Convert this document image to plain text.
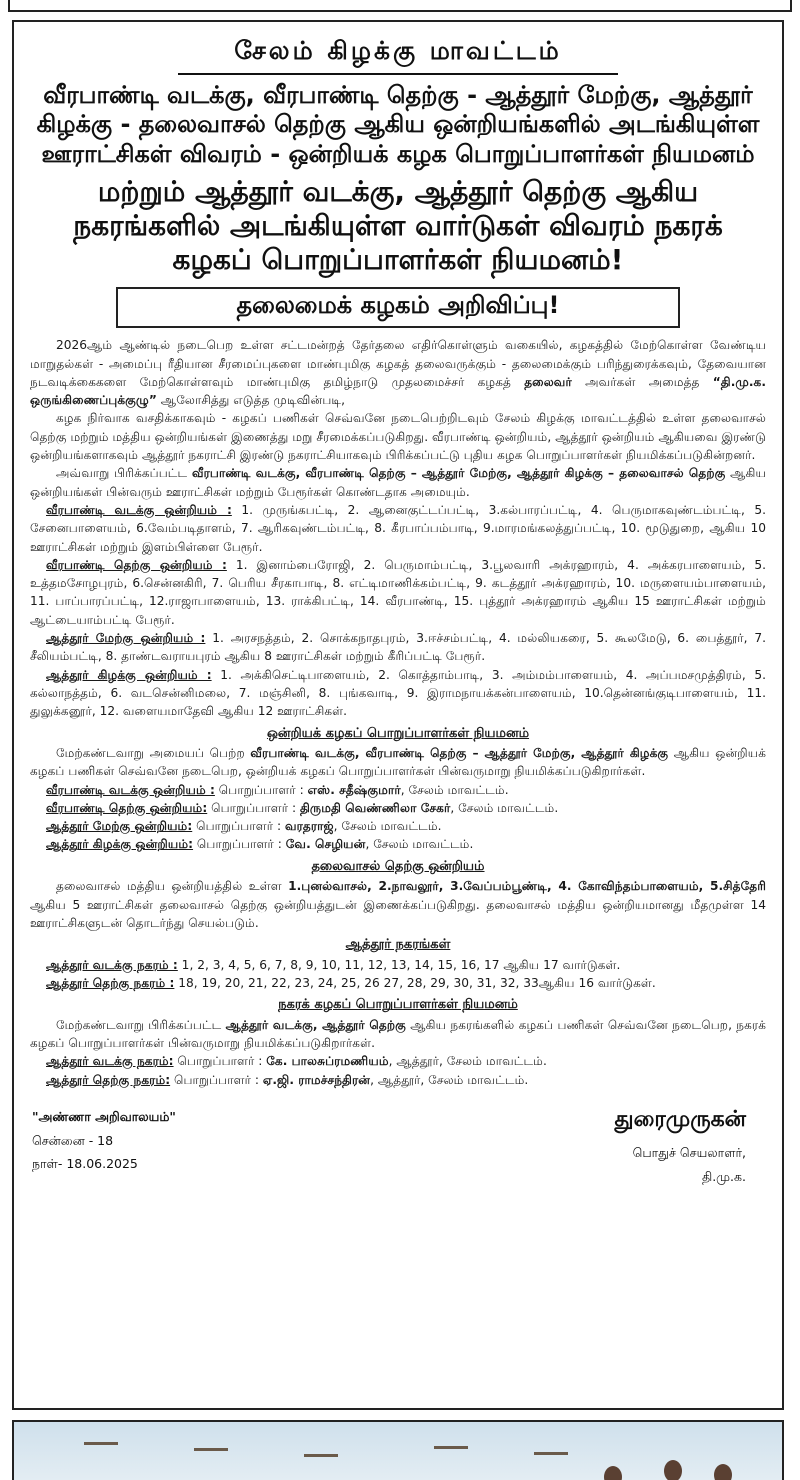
சேலம் கிழக்கு மாவட்டம்
வீரபாண்டி வடக்கு, வீரபாண்டி தெற்கு - ஆத்தூர் மேற்கு, ஆத்தூர் கிழக்கு - தலைவாசல் தெற்கு ஆகிய ஒன்றியங்களில் அடங்கியுள்ள ஊராட்சிகள் விவரம் - ஒன்றியக் கழக பொறுப்பாளர்கள் நியமனம்
மற்றும் ஆத்தூர் வடக்கு, ஆத்தூர் தெற்கு ஆகிய நகரங்களில் அடங்கியுள்ள வார்டுகள் விவரம் நகரக் கழகப் பொறுப்பாளர்கள் நியமனம்!
தலைமைக் கழகம் அறிவிப்பு!

2026ஆம் ஆண்டில் நடைபெற உள்ள சட்டமன்றத் தேர்தலை எதிர்கொள்ளும் வகையில், கழகத்தில் மேற்கொள்ள வேண்டிய மாறுதல்கள் - அமைப்பு ரீதியான சீரமைப்புகளை மாண்புமிகு கழகத் தலைவருக்கும் - தலைமைக்கும் பரிந்துரைக்கவும், தேவையான நடவடிக்கைகளை மேற்கொள்ளவும் மாண்புமிகு தமிழ்நாடு முதலமைச்சர் கழகத் தலைவர் அவர்கள் அமைத்த “தி.மு.க. ஒருங்கிணைப்புக்குழு” ஆலோசித்து எடுத்த முடிவின்படி,

கழக நிர்வாக வசதிக்காகவும் - கழகப் பணிகள் செவ்வனே நடைபெற்றிடவும் சேலம் கிழக்கு மாவட்டத்தில் உள்ள தலைவாசல் தெற்கு மற்றும் மத்திய ஒன்றியங்கள் இணைத்து மறு சீரமைக்கப்படுகிறது. வீரபாண்டி ஒன்றியம், ஆத்தூர் ஒன்றியம் ஆகியவை இரண்டு ஒன்றியங்களாகவும் ஆத்தூர் நகராட்சி இரண்டு நகராட்சியாகவும் பிரிக்கப்பட்டு புதிய கழக பொறுப்பாளர்கள் நியமிக்கப்படுகின்றனர்.

அவ்வாறு பிரிக்கப்பட்ட வீரபாண்டி வடக்கு, வீரபாண்டி தெற்கு – ஆத்தூர் மேற்கு, ஆத்தூர் கிழக்கு – தலைவாசல் தெற்கு ஆகிய ஒன்றியங்கள் பின்வரும் ஊராட்சிகள் மற்றும் பேரூர்கள் கொண்டதாக அமையும்.

வீரபாண்டி வடக்கு ஒன்றியம் : 1. முருங்கபட்டி, 2. ஆனைகுட்டப்பட்டி, 3.கல்பாரப்பட்டி, 4. பெருமாகவுண்டம்பட்டி, 5. சேனைபாளையம், 6.வேம்படிதாளம், 7. ஆரிகவுண்டம்பட்டி, 8. கீரபாப்பம்பாடி, 9.மாரமங்கலத்துப்பட்டி, 10. மூடுதுறை, ஆகிய 10 ஊராட்சிகள் மற்றும் இளம்பிள்ளை பேரூர்.

வீரபாண்டி தெற்கு ஒன்றியம் : 1. இனாம்பைரோஜி, 2. பெருமாம்பட்டி, 3.பூலவாரி அக்ரஹாரம், 4. அக்கரபாளையம், 5. உத்தமசோழபுரம், 6.சென்னகிரி, 7. பெரிய சீரகாபாடி, 8. எட்டிமாணிக்கம்பட்டி, 9. கடத்தூர் அக்ரஹாரம், 10. மருளையம்பாளையம், 11. பாப்பாரப்பட்டி, 12.ராஜாபாளையம், 13. ராக்கிபட்டி, 14. வீரபாண்டி, 15. புத்தூர் அக்ரஹாரம் ஆகிய 15 ஊராட்சிகள் மற்றும் ஆட்டையாம்பட்டி பேரூர்.

ஆத்தூர் மேற்கு ஒன்றியம் : 1. அரசநத்தம், 2. சொக்கநாதபுரம், 3.ஈச்சம்பட்டி, 4. மல்லியகரை, 5. கூலமேடு, 6. பைத்தூர், 7. சீலியம்பட்டி, 8. தாண்டவராயபுரம் ஆகிய 8 ஊராட்சிகள் மற்றும் கீரிப்பட்டி பேரூர்.

ஆத்தூர் கிழக்கு ஒன்றியம் : 1. அக்கிசெட்டிபாளையம், 2. கொத்தாம்பாடி, 3. அம்மம்பாளையம், 4. அப்பமசமுத்திரம், 5. கல்லாநத்தம், 6. வடசென்னிமலை, 7. மஞ்சினி, 8. புங்கவாடி, 9. இராமநாயக்கன்பாளையம், 10.தென்னங்குடிபாளையம், 11. துலுக்கனூர், 12. வளையமாதேவி ஆகிய 12 ஊராட்சிகள்.

ஒன்றியக் கழகப் பொறுப்பாளர்கள் நியமனம்

மேற்கண்டவாறு அமையப் பெற்ற வீரபாண்டி வடக்கு, வீரபாண்டி தெற்கு – ஆத்தூர் மேற்கு, ஆத்தூர் கிழக்கு ஆகிய ஒன்றியக் கழகப் பணிகள் செவ்வனே நடைபெற, ஒன்றியக் கழகப் பொறுப்பாளர்கள் பின்வருமாறு நியமிக்கப்படுகிறார்கள்.

வீரபாண்டி வடக்கு ஒன்றியம் : பொறுப்பாளர் : எஸ். சதீஷ்குமார், சேலம் மாவட்டம்.

வீரபாண்டி தெற்கு ஒன்றியம்: பொறுப்பாளர் : திருமதி வெண்ணிலா சேகர், சேலம் மாவட்டம்.

ஆத்தூர் மேற்கு ஒன்றியம்: பொறுப்பாளர் : வரதராஜ், சேலம் மாவட்டம்.

ஆத்தூர் கிழக்கு ஒன்றியம்: பொறுப்பாளர் : வே. செழியன், சேலம் மாவட்டம்.

தலைவாசல் தெற்கு ஒன்றியம்

தலைவாசல் மத்திய ஒன்றியத்தில் உள்ள 1.புனல்வாசல், 2.நாவலூர், 3.வேப்பம்பூண்டி, 4. கோவிந்தம்பாளையம், 5.சித்தேரி ஆகிய 5 ஊராட்சிகள் தலைவாசல் தெற்கு ஒன்றியத்துடன் இணைக்கப்படுகிறது. தலைவாசல் மத்திய ஒன்றியமானது மீதமுள்ள 14 ஊராட்சிகளுடன் தொடர்ந்து செயல்படும்.

ஆத்தூர் நகரங்கள்

ஆத்தூர் வடக்கு நகரம் : 1, 2, 3, 4, 5, 6, 7, 8, 9, 10, 11, 12, 13, 14, 15, 16, 17 ஆகிய 17 வார்டுகள்.

ஆத்தூர் தெற்கு நகரம் : 18, 19, 20, 21, 22, 23, 24, 25, 26 27, 28, 29, 30, 31, 32, 33ஆகிய 16 வார்டுகள்.

நகரக் கழகப் பொறுப்பாளர்கள் நியமனம்

மேற்கண்டவாறு பிரிக்கப்பட்ட ஆத்தூர் வடக்கு, ஆத்தூர் தெற்கு ஆகிய நகரங்களில் கழகப் பணிகள் செவ்வனே நடைபெற, நகரக் கழகப் பொறுப்பாளர்கள் பின்வருமாறு நியமிக்கப்படுகிறார்கள்.

ஆத்தூர் வடக்கு நகரம்: பொறுப்பாளர் : கே. பாலசுப்ரமணியம், ஆத்தூர், சேலம் மாவட்டம்.

ஆத்தூர் தெற்கு நகரம்: பொறுப்பாளர் : ஏ.ஜி. ராமச்சந்திரன், ஆத்தூர், சேலம் மாவட்டம்.

"அண்ணா அறிவாலயம்"
சென்னை - 18
நாள்- 18.06.2025
துரைமுருகன்
பொதுச் செயலாளர்,
தி.மு.க.
